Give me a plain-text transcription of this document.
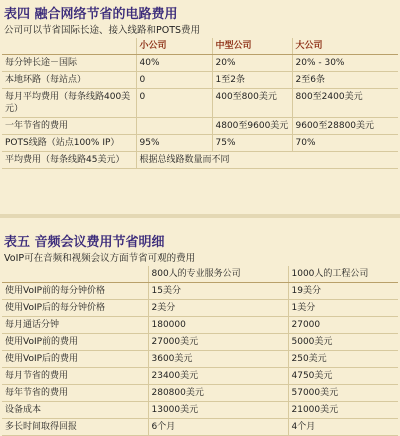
表四 融合网络节省的电路费用
公司可以节省国际长途、接入线路和POTS费用
	小公司	中型公司	大公司
每分钟长途－国际	40%	20%	20% - 30%
本地环路（每站点）	0	1至2条	2至6条
每月平均费用（每条线路400美元）	0	400至800美元	800至2400美元
一年节省的费用		4800至9600美元	9600至28800美元
POTS线路（站点100% IP）	95%	75%	70%
平均费用（每条线路45美元）	根据总线路数量而不同		
表五 音频会议费用节省明细
VoIP可在音频和视频会议方面节省可观的费用
	800人的专业服务公司	1000人的工程公司
使用VoIP前的每分钟价格	15美分	19美分
使用VoIP后的每分钟价格	2美分	1美分
每月通话分钟	180000	27000
使用VoIP前的费用	27000美元	5000美元
使用VoIP后的费用	3600美元	250美元
每月节省的费用	23400美元	4750美元
每年节省的费用	280800美元	57000美元
设备成本	13000美元	21000美元
多长时间取得回报	6个月	4个月
